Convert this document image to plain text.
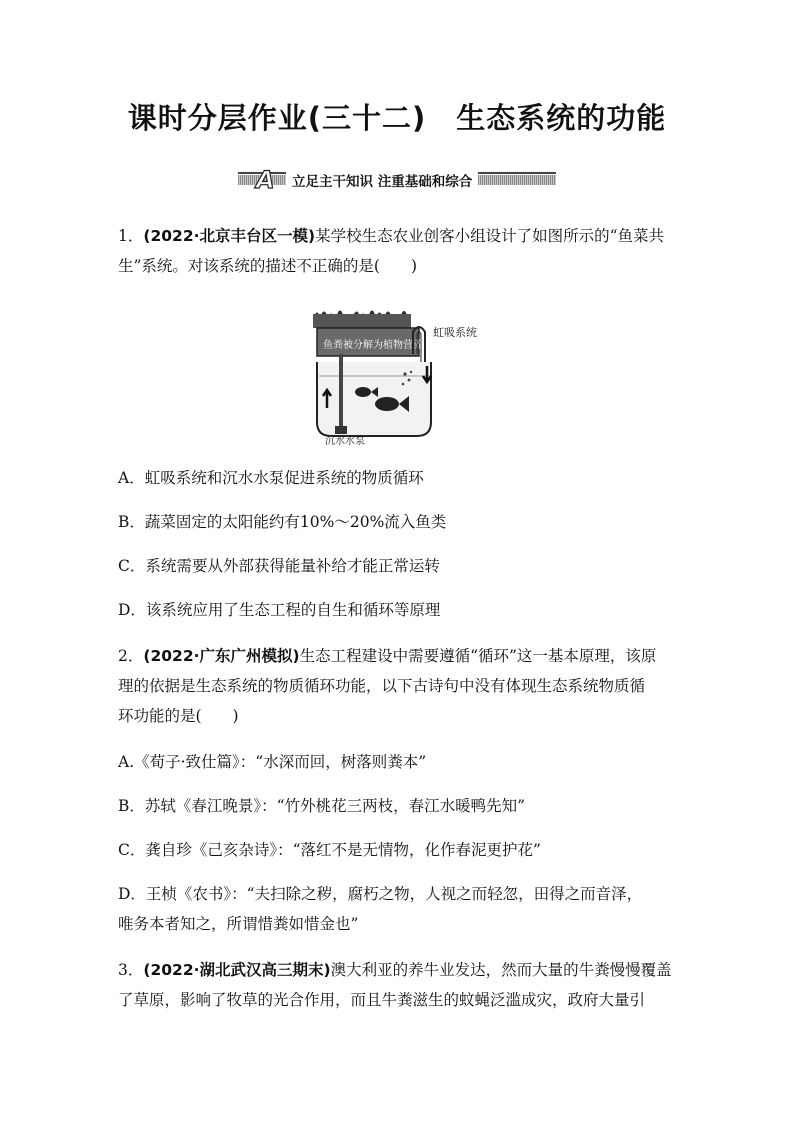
课时分层作业(三十二) 生态系统的功能
A	立足主干知识 注重基础和综合
1．(2022·北京丰台区一模)某学校生态农业创客小组设计了如图所示的“鱼菜共
生”系统。对该系统的描述不正确的是(　　)
鱼粪被分解为植物营养
虹吸系统
沉水水泵
A．虹吸系统和沉水水泵促进系统的物质循环
B．蔬菜固定的太阳能约有10%～20%流入鱼类
C．系统需要从外部获得能量补给才能正常运转
D．该系统应用了生态工程的自生和循环等原理
2．(2022·广东广州模拟)生态工程建设中需要遵循“循环”这一基本原理，该原
理的依据是生态系统的物质循环功能，以下古诗句中没有体现生态系统物质循
环功能的是(　　)
A.《荀子·致仕篇》：“水深而回，树落则粪本”
B．苏轼《春江晚景》：“竹外桃花三两枝，春江水暖鸭先知”
C．龚自珍《己亥杂诗》：“落红不是无情物，化作春泥更护花”
D．王桢《农书》：“夫扫除之秽，腐朽之物，人视之而轻忽，田得之而音泽，
唯务本者知之，所谓惜粪如惜金也”
3．(2022·湖北武汉高三期末)澳大利亚的养牛业发达，然而大量的牛粪慢慢覆盖
了草原，影响了牧草的光合作用，而且牛粪滋生的蚊蝇泛滥成灾，政府大量引
